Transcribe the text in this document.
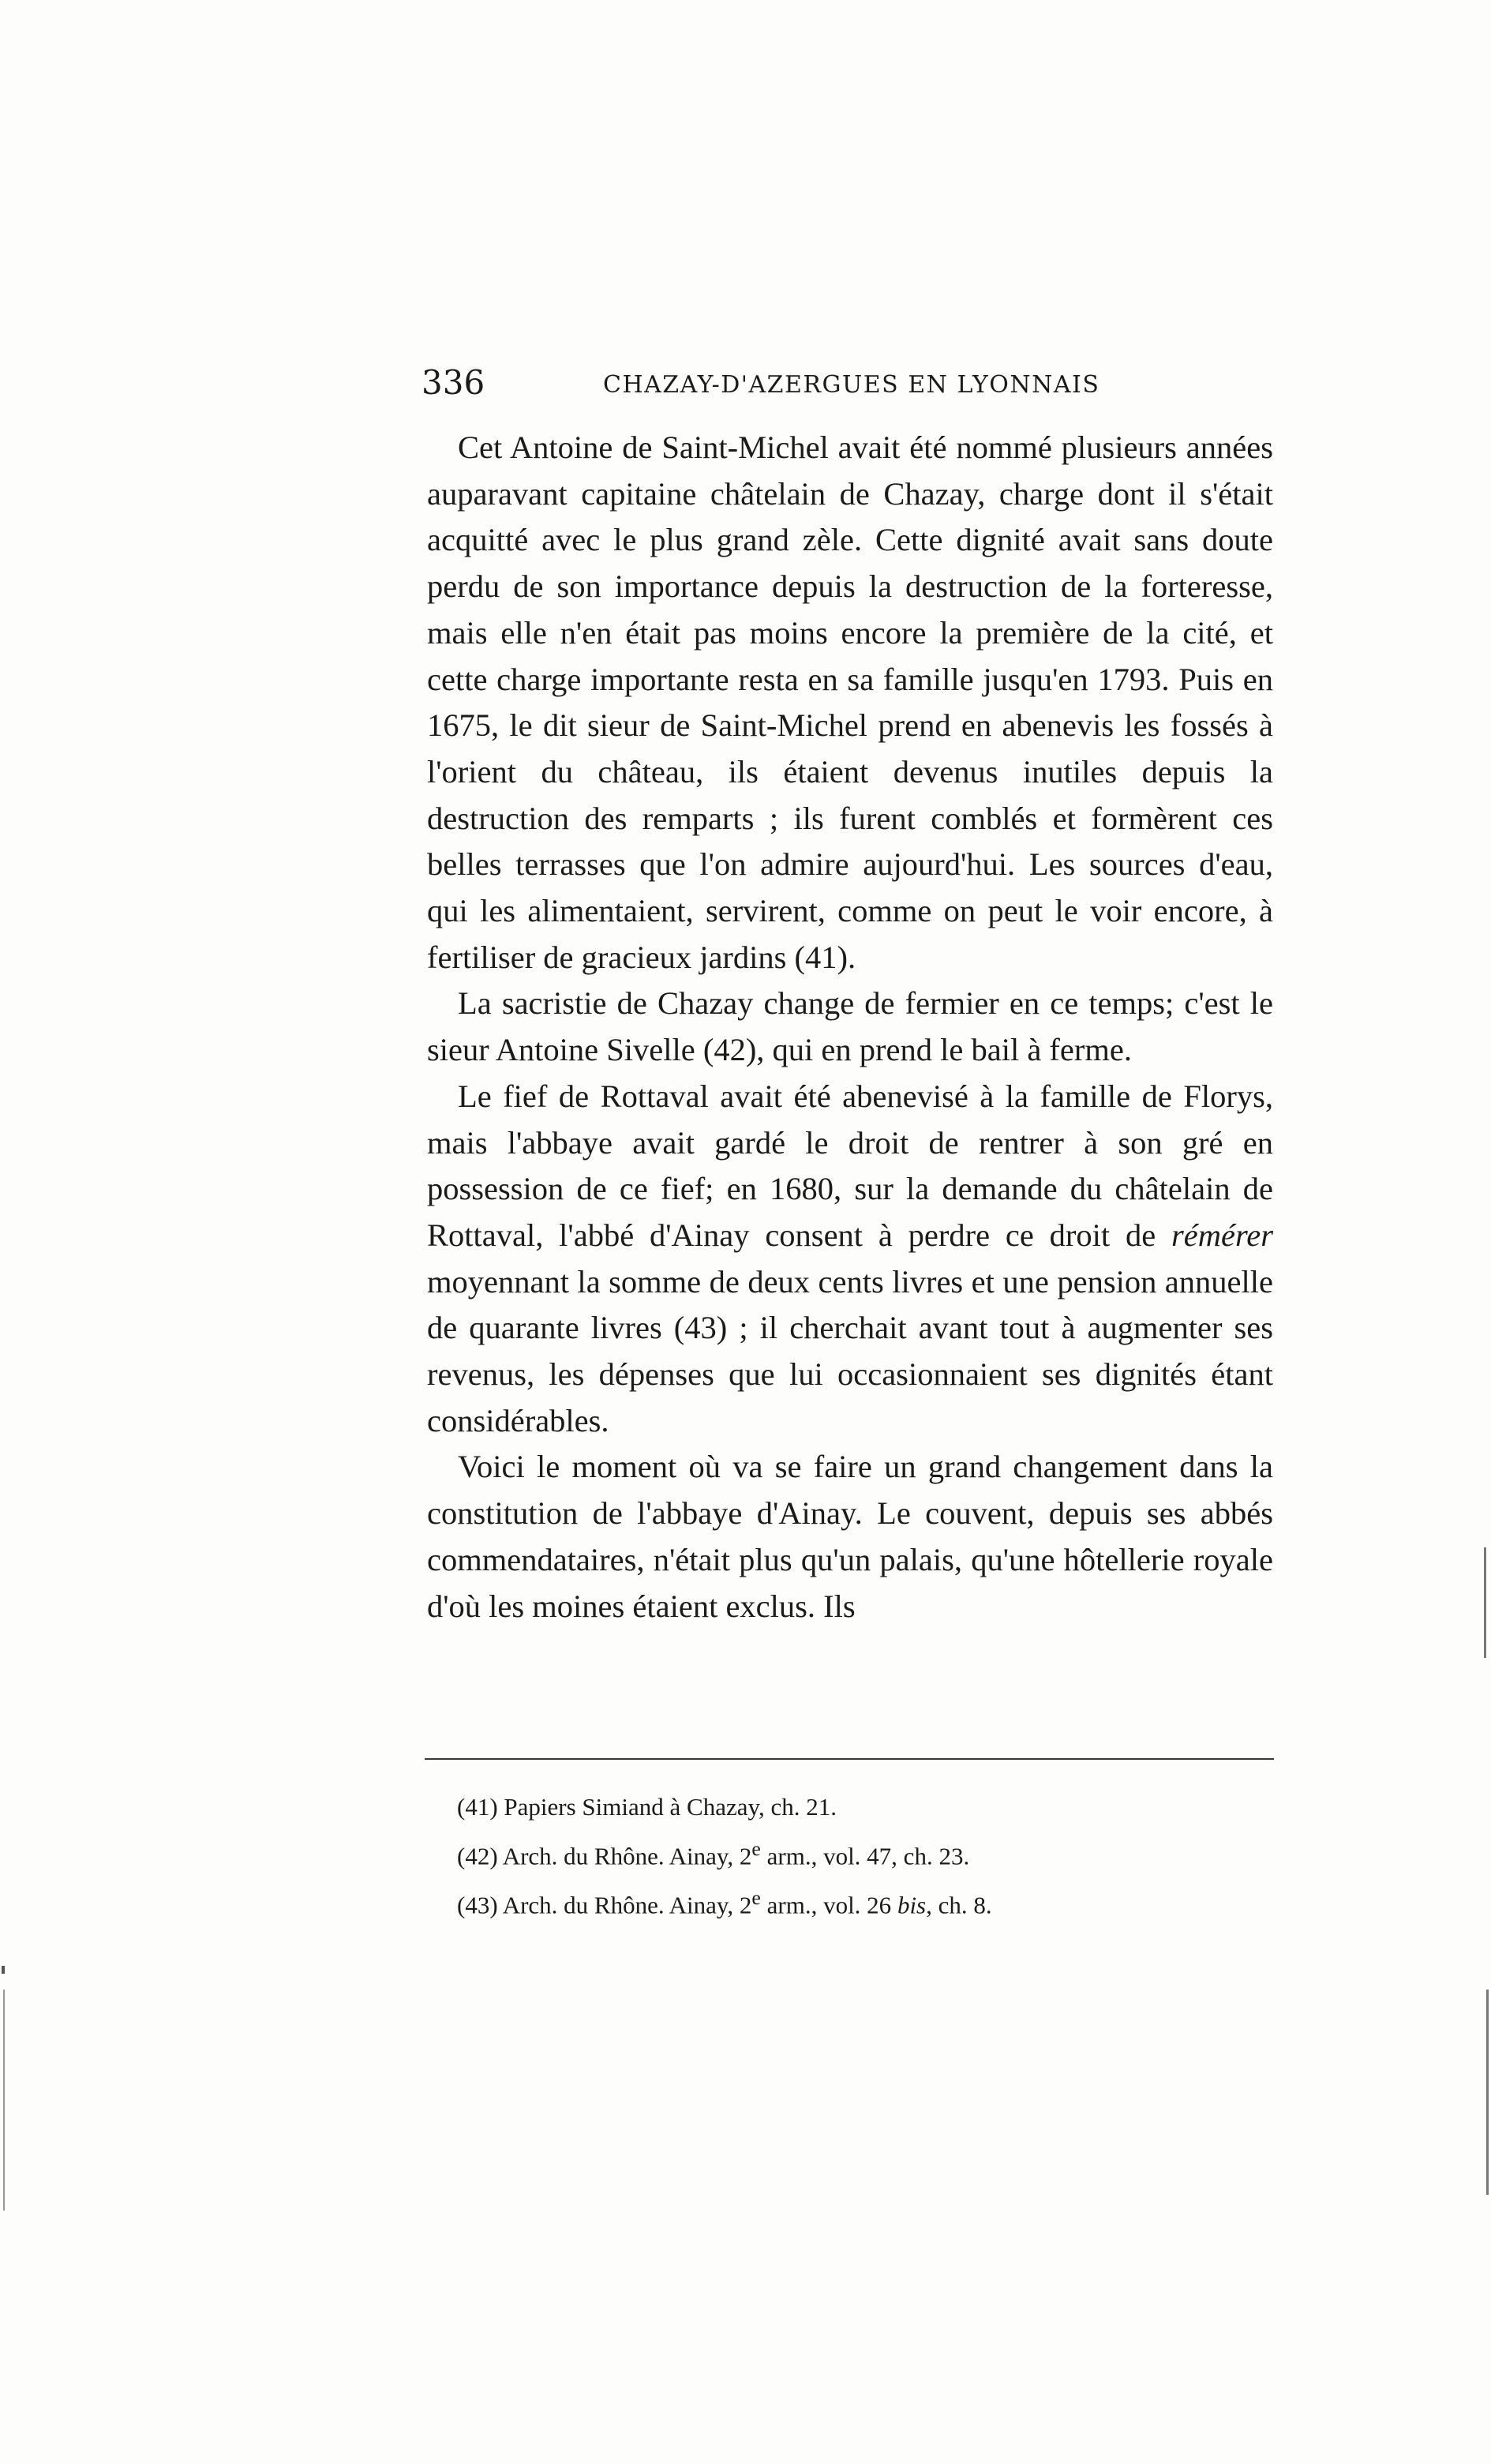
336	CHAZAY-D'AZERGUES EN LYONNAIS

Cet Antoine de Saint-Michel avait été nommé plusieurs années auparavant capitaine châtelain de Chazay, charge dont il s'était acquitté avec le plus grand zèle. Cette dignité avait sans doute perdu de son importance depuis la destruction de la forteresse, mais elle n'en était pas moins encore la première de la cité, et cette charge importante resta en sa famille jusqu'en 1793. Puis en 1675, le dit sieur de Saint-Michel prend en abenevis les fossés à l'orient du château, ils étaient devenus inutiles depuis la destruction des remparts ; ils furent comblés et formèrent ces belles terrasses que l'on admire aujourd'hui. Les sources d'eau, qui les alimentaient, servirent, comme on peut le voir encore, à fertiliser de gracieux jardins (41).

La sacristie de Chazay change de fermier en ce temps; c'est le sieur Antoine Sivelle (42), qui en prend le bail à ferme.

Le fief de Rottaval avait été abenevisé à la famille de Florys, mais l'abbaye avait gardé le droit de rentrer à son gré en possession de ce fief; en 1680, sur la demande du châtelain de Rottaval, l'abbé d'Ainay consent à perdre ce droit de rémérer moyennant la somme de deux cents livres et une pension annuelle de quarante livres (43) ; il cherchait avant tout à augmenter ses revenus, les dépenses que lui occasionnaient ses dignités étant considérables.

Voici le moment où va se faire un grand changement dans la constitution de l'abbaye d'Ainay. Le couvent, depuis ses abbés commendataires, n'était plus qu'un palais, qu'une hôtellerie royale d'où les moines étaient exclus. Ils

(41) Papiers Simiand à Chazay, ch. 21.
(42) Arch. du Rhône. Ainay, 2e arm., vol. 47, ch. 23.
(43) Arch. du Rhône. Ainay, 2e arm., vol. 26 bis, ch. 8.
